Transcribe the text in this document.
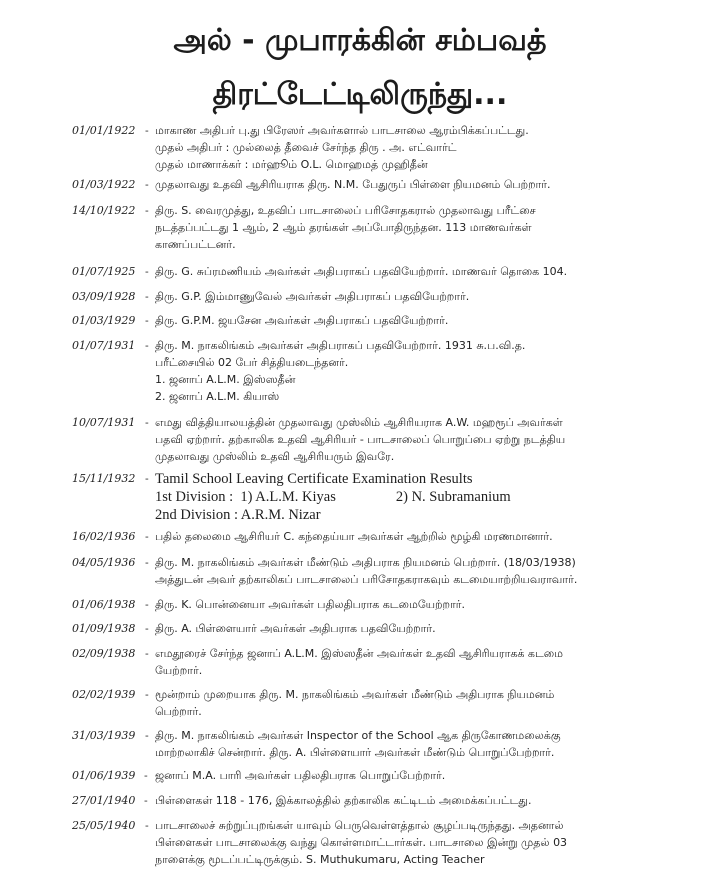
அல் - முபாரக்கின் சம்பவத்
திரட்டேட்டிலிருந்து...
01/01/1922 - மாகாண அதிபர் பு.து பிரேஸர் அவர்களால் பாடசாலை ஆரம்பிக்கப்பட்டது.
முதல் அதிபர் : முல்லைத் தீவைச் சேர்ந்த திரு . அ. எட்வார்ட்
முதல் மாணாக்கர் : மர்ஹூம் O.L. மொஹமத் முஹிதீன்
01/03/1922 - முதலாவது உதவி ஆசிரியராக திரு. N.M. பேதுருப் பிள்ளை நியமனம் பெற்றார்.
14/10/1922 - திரு. S. வைரமுத்து, உதவிப் பாடசாலைப் பரிசோதகரால் முதலாவது பரீட்சை
நடத்தப்பட்டது 1 ஆம், 2 ஆம் தரங்கள் அப்போதிருந்தன. 113 மாணவர்கள்
காணப்பட்டனர்.
01/07/1925 - திரு. G. சுப்ரமணியம் அவர்கள் அதிபராகப் பதவியேற்றார். மாணவர் தொகை 104.
03/09/1928 - திரு. G.P. இம்மாணுவேல் அவர்கள் அதிபராகப் பதவியேற்றார்.
01/03/1929 - திரு. G.P.M. ஜயசேன அவர்கள் அதிபராகப் பதவியேற்றார்.
01/07/1931 - திரு. M. நாகலிங்கம் அவர்கள் அதிபராகப் பதவியேற்றார். 1931 சு.ப.வி.த.
பரீட்சையில் 02 பேர் சித்தியடைந்தனர்.
1. ஜனாப் A.L.M. இஸ்ஸதீன்
2. ஜனாப் A.L.M. கியாஸ்
10/07/1931 - எமது வித்தியாலயத்தின் முதலாவது முஸ்லிம் ஆசிரியராக A.W. மஹரூப் அவர்கள்
பதவி ஏற்றார். தற்காலிக உதவி ஆசிரியர் - பாடசாலைப் பொறுப்பை ஏற்று நடத்திய
முதலாவது முஸ்லிம் உதவி ஆசிரியரும் இவரே.
15/11/1932 - Tamil School Leaving Certificate Examination Results
1st Division : 1) A.L.M. Kiyas	2) N. Subramanium
2nd Division : A.R.M. Nizar
16/02/1936 - பதில் தலைமை ஆசிரியர் C. கந்தைய்யா அவர்கள் ஆற்றில் மூழ்கி மரணமானார்.
04/05/1936 - திரு. M. நாகலிங்கம் அவர்கள் மீண்டும் அதிபராக நியமனம் பெற்றார். (18/03/1938)
அத்துடன் அவர் தற்காலிகப் பாடசாலைப் பரிசோதகராகவும் கடமையாற்றியவராவார்.
01/06/1938 - திரு. K. பொன்னையா அவர்கள் பதிலதிபராக கடமையேற்றார்.
01/09/1938 - திரு. A. பிள்ளையார் அவர்கள் அதிபராக பதவியேற்றார்.
02/09/1938 - எமதூரைச் சேர்ந்த ஜனாப் A.L.M. இஸ்ஸதீன் அவர்கள் உதவி ஆசிரியராகக் கடமை
யேற்றார்.
02/02/1939 - மூன்றாம் முறையாக திரு. M. நாகலிங்கம் அவர்கள் மீண்டும் அதிபராக நியமனம்
பெற்றார்.
31/03/1939 - திரு. M. நாகலிங்கம் அவர்கள் Inspector of the School ஆக திருகோணமலைக்கு
மாற்றலாகிச் சென்றார். திரு. A. பிள்ளையார் அவர்கள் மீண்டும் பொறுப்பேற்றார்.
01/06/1939 - ஜனாப் M.A. பாரி அவர்கள் பதிலதிபராக பொறுப்பேற்றார்.
27/01/1940 - பிள்ளைகள் 118 - 176, இக்காலத்தில் தற்காலிக கட்டிடம் அமைக்கப்பட்டது.
25/05/1940 - பாடசாலைச் சுற்றுப்புறங்கள் யாவும் பெருவெள்ளத்தால் சூழப்படிருந்தது. அதனால்
பிள்ளைகள் பாடசாலைக்கு வந்து கொள்ளமாட்டார்கள். பாடசாலை இன்று முதல் 03
நாளைக்கு மூடப்பட்டிருக்கும். S. Muthukumaru, Acting Teacher
